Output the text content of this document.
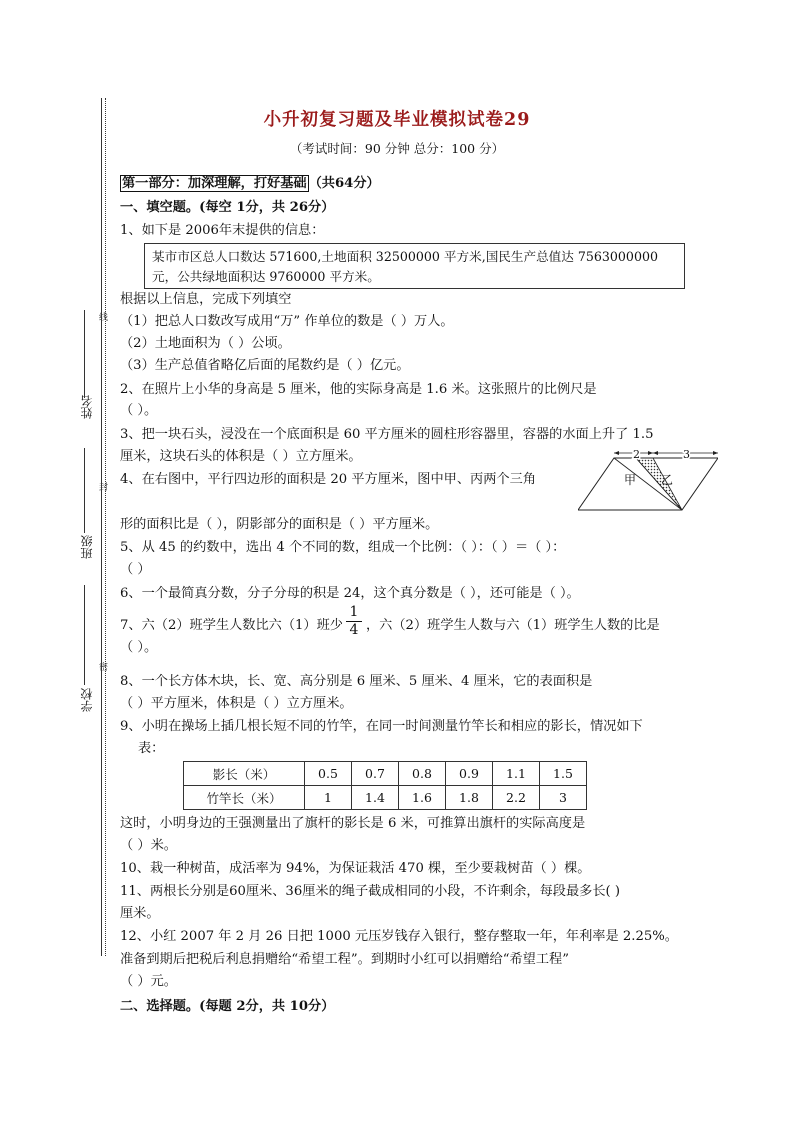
姓名
班级
学校
线
封
密
小升初复习题及毕业模拟试卷29
（考试时间：90 分钟 总分：100 分）
第一部分：加深理解，打好基础 （共64分）
一、填空题。(每空 1分，共 26分）
1、如下是 2006年末提供的信息：
某市市区总人口数达 571600,土地面积 32500000 平方米,国民生产总值达 7563000000
元，公共绿地面积达 9760000 平方米。
根据以上信息，完成下列填空
（1）把总人口数改写成用“万” 作单位的数是（ ）万人。
（2）土地面积为（ ）公顷。
（3）生产总值省略亿后面的尾数约是（ ）亿元。
2、在照片上小华的身高是 5 厘米，他的实际身高是 1.6 米。这张照片的比例尺是
（ ）。
3、把一块石头，浸没在一个底面积是 60 平方厘米的圆柱形容器里，容器的水面上升了 1.5
厘米，这块石头的体积是（ ）立方厘米。
4、在右图中，平行四边形的面积是 20 平方厘米，图中甲、丙两个三角
形的面积比是（ ），阴影部分的面积是（ ）平方厘米。
2	3
甲 乙
5、从 45 的约数中，选出 4 个不同的数，组成一个比例：（ ）：（ ）＝（ ）：
（ ）
6、一个最简真分数，分子分母的积是 24，这个真分数是（ ），还可能是（ ）。
7、六（2）班学生人数比六（1）班少 $\frac{1}{4}$ ，六（2）班学生人数与六（1）班学生人数的比是
（ ）。
8、一个长方体木块，长、宽、高分别是 6 厘米、5 厘米、4 厘米，它的表面积是
（ ）平方厘米，体积是（ ）立方厘米。
9、小明在操场上插几根长短不同的竹竿，在同一时间测量竹竿长和相应的影长，情况如下
表：
影长（米）	0.5	0.7	0.8	0.9	1.1	1.5
竹竿长（米）	1	1.4	1.6	1.8	2.2	3
这时，小明身边的王强测量出了旗杆的影长是 6 米，可推算出旗杆的实际高度是
（ ）米。
10、栽一种树苗，成活率为 94%，为保证栽活 470 棵，至少要栽树苗（ ）棵。
11、两根长分别是60厘米、36厘米的绳子截成相同的小段，不许剩余，每段最多长( )
厘米。
12、小红 2007 年 2 月 26 日把 1000 元压岁钱存入银行，整存整取一年，年利率是 2.25%。
准备到期后把税后利息捐赠给“希望工程”。到期时小红可以捐赠给“希望工程”
（ ）元。
二、选择题。(每题 2分，共 10分）
